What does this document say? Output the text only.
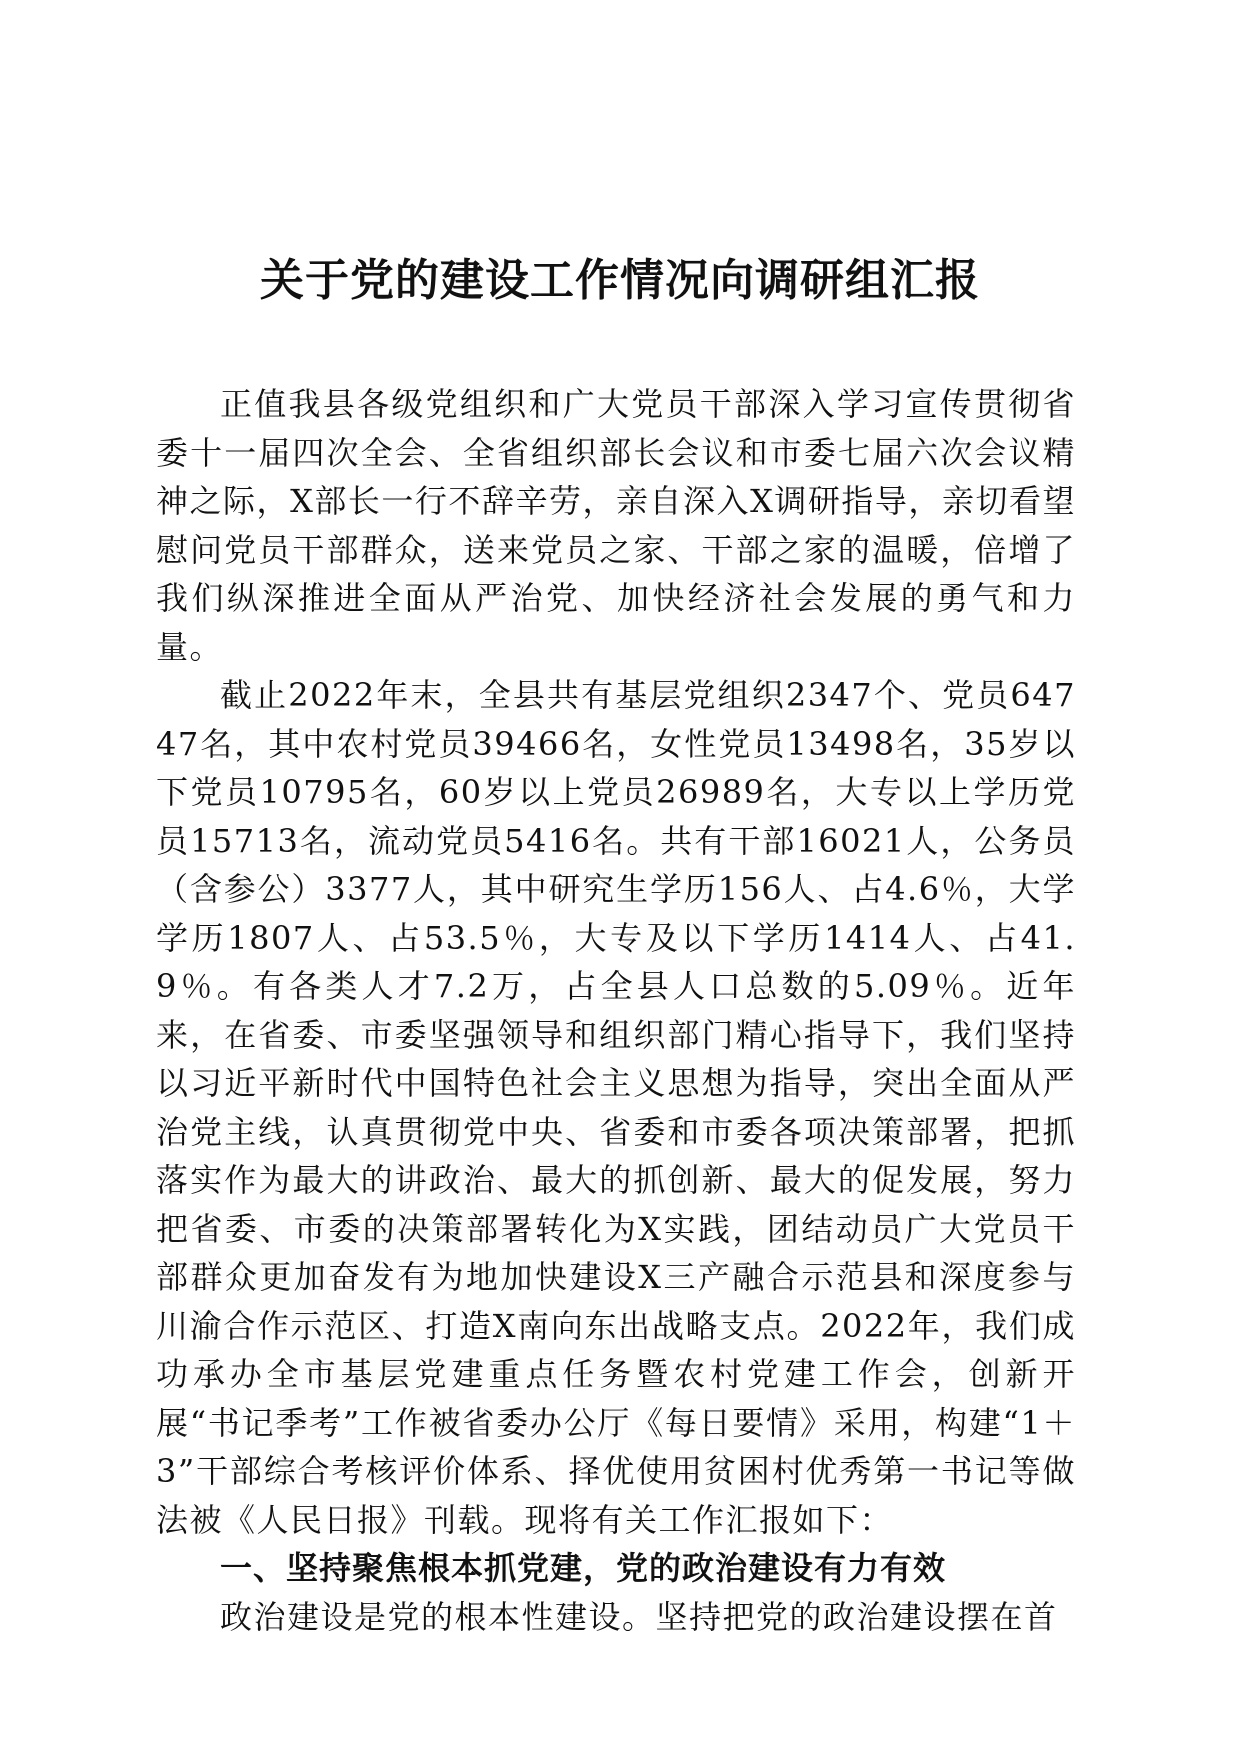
关于党的建设工作情况向调研组汇报

正值我县各级党组织和广大党员干部深入学习宣传贯彻省委十一届四次全会、全省组织部长会议和市委七届六次会议精神之际，X部长一行不辞辛劳，亲自深入X调研指导，亲切看望慰问党员干部群众，送来党员之家、干部之家的温暖，倍增了我们纵深推进全面从严治党、加快经济社会发展的勇气和力量。

截止2022年末，全县共有基层党组织2347个、党员64747名，其中农村党员39466名，女性党员13498名，35岁以下党员10795名，60岁以上党员26989名，大专以上学历党员15713名，流动党员5416名。共有干部16021人，公务员（含参公）3377人，其中研究生学历156人、占4.6％，大学学历1807人、占53.5％，大专及以下学历1414人、占41.9％。有各类人才7.2万，占全县人口总数的5.09％。近年来，在省委、市委坚强领导和组织部门精心指导下，我们坚持以习近平新时代中国特色社会主义思想为指导，突出全面从严治党主线，认真贯彻党中央、省委和市委各项决策部署，把抓落实作为最大的讲政治、最大的抓创新、最大的促发展，努力把省委、市委的决策部署转化为X实践，团结动员广大党员干部群众更加奋发有为地加快建设X三产融合示范县和深度参与川渝合作示范区、打造X南向东出战略支点。2022年，我们成功承办全市基层党建重点任务暨农村党建工作会，创新开展“书记季考”工作被省委办公厅《每日要情》采用，构建“1＋3”干部综合考核评价体系、择优使用贫困村优秀第一书记等做法被《人民日报》刊载。现将有关工作汇报如下：

一、坚持聚焦根本抓党建，党的政治建设有力有效

政治建设是党的根本性建设。坚持把党的政治建设摆在首
